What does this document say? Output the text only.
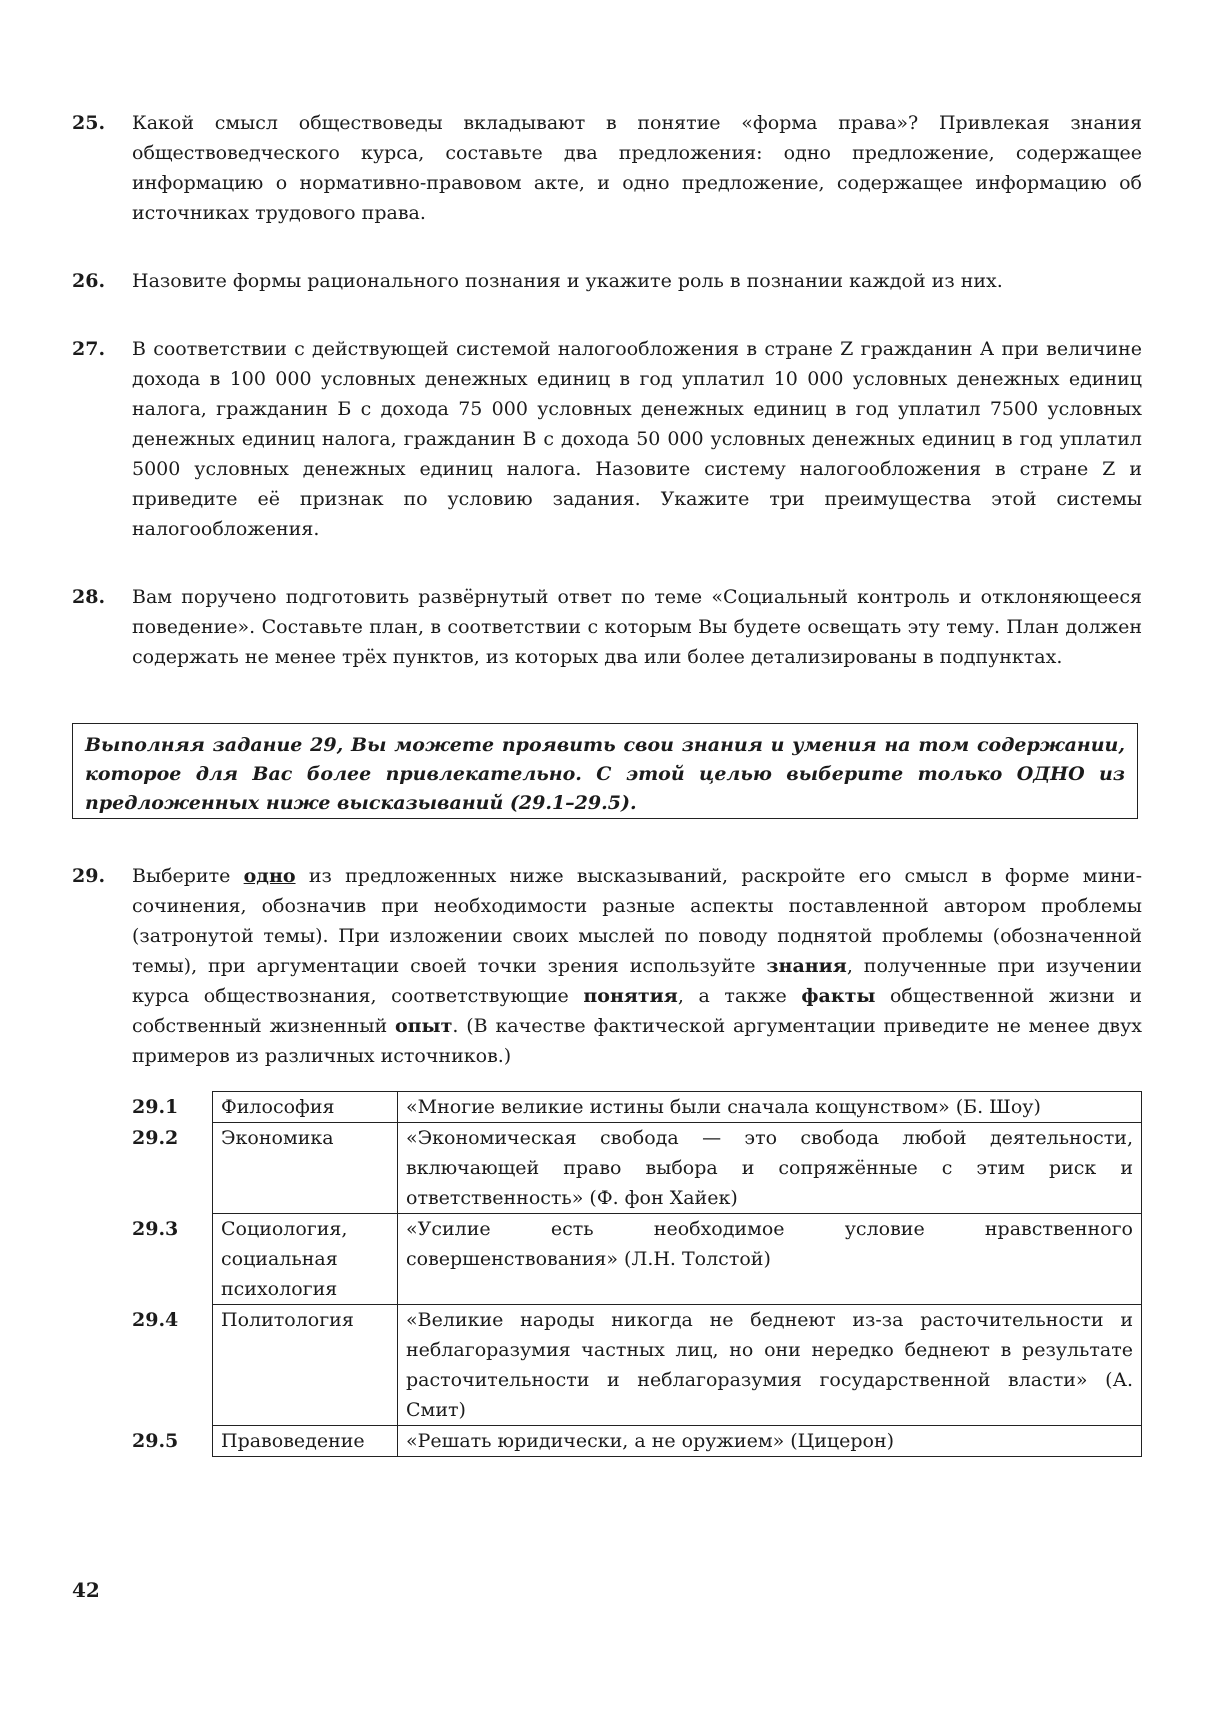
25.	Какой смысл обществоведы вкладывают в понятие «форма права»? Привлекая знания обществоведческого курса, составьте два предложения: одно предложение, содержащее информацию о нормативно-правовом акте, и одно предложение, содержащее информацию об источниках трудового права.
26.	Назовите формы рационального познания и укажите роль в познании каждой из них.
27.	В соответствии с действующей системой налогообложения в стране Z гражданин А при величине дохода в 100 000 условных денежных единиц в год уплатил 10 000 условных денежных единиц налога, гражданин Б с дохода 75 000 условных денежных единиц в год уплатил 7500 условных денежных единиц налога, гражданин В с дохода 50 000 условных денежных единиц в год уплатил 5000 условных денежных единиц налога. Назовите систему налогообложения в стране Z и приведите её признак по условию задания. Укажите три преимущества этой системы налогообложения.
28.	Вам поручено подготовить развёрнутый ответ по теме «Социальный контроль и отклоняющееся поведение». Составьте план, в соответствии с которым Вы будете освещать эту тему. План должен содержать не менее трёх пунктов, из которых два или более детализированы в подпунктах.
Выполняя задание 29, Вы можете проявить свои знания и умения на том содержании, которое для Вас более привлекательно. С этой целью выберите только ОДНО из предложенных ниже высказываний (29.1–29.5).
29.	Выберите одно из предложенных ниже высказываний, раскройте его смысл в форме мини-сочинения, обозначив при необходимости разные аспекты поставленной автором проблемы (затронутой темы). При изложении своих мыслей по поводу поднятой проблемы (обозначенной темы), при аргументации своей точки зрения используйте знания, полученные при изучении курса обществознания, соответствующие понятия, а также факты общественной жизни и собственный жизненный опыт. (В качестве фактической аргументации приведите не менее двух примеров из различных источников.)
29.1	Философия	«Многие великие истины были сначала кощунством» (Б. Шоу)
29.2	Экономика	«Экономическая свобода — это свобода любой деятельности, включающей право выбора и сопряжённые с этим риск и ответственность» (Ф. фон Хайек)
29.3	Социология, социальная психология	«Усилие есть необходимое условие нравственного совершенствования» (Л.Н. Толстой)
29.4	Политология	«Великие народы никогда не беднеют из-за расточительности и неблагоразумия частных лиц, но они нередко беднеют в результате расточительности и неблагоразумия государственной власти» (А. Смит)
29.5	Правоведение	«Решать юридически, а не оружием» (Цицерон)
42
